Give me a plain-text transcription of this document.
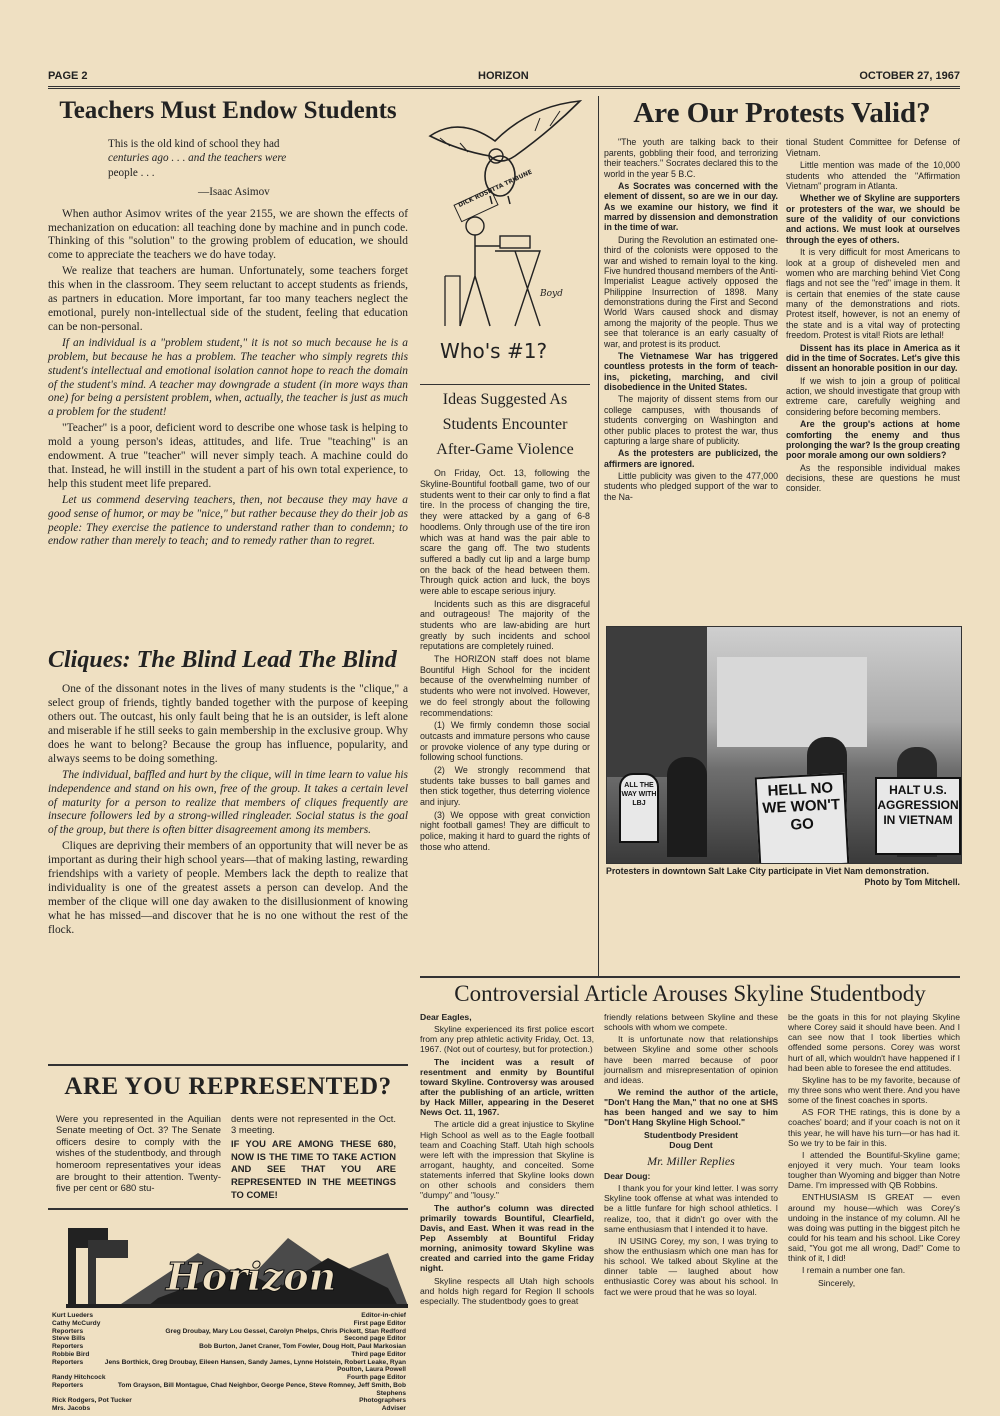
PAGE 2	HORIZON	OCTOBER 27, 1967
Teachers Must Endow Students
This is the old kind of school they had
centuries ago . . . and the teachers were
people . . .
—Isaac Asimov

When author Asimov writes of the year 2155, we are shown the effects of mechanization on education: all teaching done by machine and in punch code. Thinking of this "solution" to the growing problem of education, we should come to appreciate the teachers we do have today.

We realize that teachers are human. Unfortunately, some teachers forget this when in the classroom. They seem reluctant to accept students as friends, as partners in education. More important, far too many teachers neglect the emotional, purely non-intellectual side of the student, feeling that education can be non-personal.

If an individual is a "problem student," it is not so much because he is a problem, but because he has a problem. The teacher who simply regrets this student's intellectual and emotional isolation cannot hope to reach the domain of the student's mind. A teacher may downgrade a student (in more ways than one) for being a persistent problem, when, actually, the teacher is just as much a problem for the student!

"Teacher" is a poor, deficient word to describe one whose task is helping to mold a young person's ideas, attitudes, and life. True "teaching" is an endowment. A true "teacher" will never simply teach. A machine could do that. Instead, he will instill in the student a part of his own total experience, to help this student meet life prepared.

Let us commend deserving teachers, then, not because they may have a good sense of humor, or may be "nice," but rather because they do their job as people: They exercise the patience to understand rather than to condemn; to endow rather than merely to teach; and to remedy rather than to regret.

Cliques: The Blind Lead The Blind

One of the dissonant notes in the lives of many students is the "clique," a select group of friends, tightly banded together with the purpose of keeping others out. The outcast, his only fault being that he is an outsider, is left alone and miserable if he still seeks to gain membership in the exclusive group. Why does he want to belong? Because the group has influence, popularity, and always seems to be doing something.

The individual, baffled and hurt by the clique, will in time learn to value his independence and stand on his own, free of the group. It takes a certain level of maturity for a person to realize that members of cliques frequently are insecure followers led by a strong-willed ringleader. Social status is the goal of the group, but there is often bitter disagreement among its members.

Cliques are depriving their members of an opportunity that will never be as important as during their high school years—that of making lasting, rewarding friendships with a variety of people. Members lack the depth to realize that individuality is one of the greatest assets a person can develop. And the member of the clique will one day awaken to the disillusionment of knowing what he has missed—and discover that he is no one without the rest of the flock.

ARE YOU REPRESENTED?
Were you represented in the Aquilian Senate meeting of Oct. 3? The Senate officers desire to comply with the wishes of the studentbody, and through homeroom representatives your ideas are brought to their attention. Twenty-five per cent or 680 stu-
dents were not represented in the Oct. 3 meeting.
IF YOU ARE AMONG THESE 680, NOW IS THE TIME TO TAKE ACTION AND SEE THAT YOU ARE REPRESENTED IN THE MEETINGS TO COME!
Horizon
Kurt Lueders	Editor-in-chief
Cathy McCurdy	First page Editor
Reporters	Greg Droubay, Mary Lou Gessel, Carolyn Phelps, Chris Pickett, Stan Redford
Steve Bills	Second page Editor
Reporters	Bob Burton, Janet Craner, Tom Fowler, Doug Holt, Paul Markosian
Robbie Bird	Third page Editor
Reporters	Jens Borthick, Greg Droubay, Eileen Hansen, Sandy James, Lynne Holstein, Robert Leake, Ryan Poulton, Laura Powell
Randy Hitchcock	Fourth page Editor
Reporters	Tom Grayson, Bill Montague, Chad Neighbor, George Pence, Steve Romney, Jeff Smith, Bob Stephens
Rick Rodgers, Pot Tucker	Photographers
Mrs. Jacobs	Adviser
DICK ROSETTA TRIBUNE
Boyd
Who's #1?
Ideas Suggested As
Students Encounter
After-Game Violence

On Friday, Oct. 13, following the Skyline-Bountiful football game, two of our students went to their car only to find a flat tire. In the process of changing the tire, they were attacked by a gang of 6-8 hoodlems. Only through use of the tire iron which was at hand was the pair able to scare the gang off. The two students suffered a badly cut lip and a large bump on the back of the head between them. Through quick action and luck, the boys were able to escape serious injury.

Incidents such as this are disgraceful and outrageous! The majority of the students who are law-abiding are hurt greatly by such incidents and school reputations are completely ruined.

The HORIZON staff does not blame Bountiful High School for the incident because of the overwhelming number of students who were not involved. However, we do feel strongly about the following recommendations:

(1) We firmly condemn those social outcasts and immature persons who cause or provoke violence of any type during or following school functions.

(2) We strongly recommend that students take busses to ball games and then stick together, thus deterring violence and injury.

(3) We oppose with great conviction night football games! They are difficult to police, making it hard to guard the rights of those who attend.

Are Our Protests Valid?

"The youth are talking back to their parents, gobbling their food, and terrorizing their teachers." Socrates declared this to the world in the year 5 B.C.

As Socrates was concerned with the element of dissent, so are we in our day. As we examine our history, we find it marred by dissension and demonstration in the time of war.

During the Revolution an estimated one-third of the colonists were opposed to the war and wished to remain loyal to the king. Five hundred thousand members of the Anti-Imperialist League actively opposed the Philippine Insurrection of 1898. Many demonstrations during the First and Second World Wars caused shock and dismay among the majority of the people. Thus we see that tolerance is an early casualty of war, and protest is its product.

The Vietnamese War has triggered countless protests in the form of teach-ins, picketing, marching, and civil disobedience in the United States.

The majority of dissent stems from our college campuses, with thousands of students converging on Washington and other public places to protest the war, thus capturing a large share of publicity.

As the protesters are publicized, the affirmers are ignored.

Little publicity was given to the 477,000 students who pledged support of the war to the Na-

tional Student Committee for Defense of Vietnam.

Little mention was made of the 10,000 students who attended the "Affirmation Vietnam" program in Atlanta.

Whether we of Skyline are supporters or protesters of the war, we should be sure of the validity of our convictions and actions. We must look at ourselves through the eyes of others.

It is very difficult for most Americans to look at a group of disheveled men and women who are marching behind Viet Cong flags and not see the "red" image in them. It is certain that enemies of the state cause many of the demonstrations and riots. Protest itself, however, is not an enemy of the state and is a vital way of protecting freedom. Protest is vital! Riots are lethal!

Dissent has its place in America as it did in the time of Socrates. Let's give this dissent an honorable position in our day.

If we wish to join a group of political action, we should investigate that group with extreme care, carefully weighing and considering before becoming members.

Are the group's actions at home comforting the enemy and thus prolonging the war? Is the group creating poor morale among our own soldiers?

As the responsible individual makes decisions, these are questions he must consider.

ALL THE WAY WITH LBJ
HELL NO WE WON'T GO
HALT U.S. AGGRESSION IN VIETNAM
Protesters in downtown Salt Lake City participate in Viet Nam demonstration.
Photo by Tom Mitchell.
Controversial Article Arouses Skyline Studentbody

Dear Eagles,

Skyline experienced its first police escort from any prep athletic activity Friday, Oct. 13, 1967. (Not out of courtesy, but for protection.)

The incident was a result of resentment and enmity by Bountiful toward Skyline. Controversy was aroused after the publishing of an article, written by Hack Miller, appearing in the Deseret News Oct. 11, 1967.

The article did a great injustice to Skyline High School as well as to the Eagle football team and Coaching Staff. Utah high schools were left with the impression that Skyline is arrogant, haughty, and conceited. Some statements inferred that Skyline looks down on other schools and considers them "dumpy" and "lousy."

The author's column was directed primarily towards Bountiful, Clearfield, Davis, and East. When it was read in the Pep Assembly at Bountiful Friday morning, animosity toward Skyline was created and carried into the game Friday night.

Skyline respects all Utah high schools and holds high regard for Region II schools especially. The studentbody goes to great

friendly relations between Skyline and these schools with whom we compete.

It is unfortunate now that relationships between Skyline and some other schools have been marred because of poor journalism and misrepresentation of opinion and ideas.

We remind the author of the article, "Don't Hang the Man," that no one at SHS has been hanged and we say to him "Don't Hang Skyline High School."

Studentbody President
Doug Dent
Mr. Miller Replies

Dear Doug:

I thank you for your kind letter. I was sorry Skyline took offense at what was intended to be a little funfare for high school athletics. I realize, too, that it didn't go over with the same enthusiasm that I intended it to have.

IN USING Corey, my son, I was trying to show the enthusiasm which one man has for his school. We talked about Skyline at the dinner table — laughed about how enthusiastic Corey was about his school. In fact we were proud that he was so loyal.

be the goats in this for not playing Skyline where Corey said it should have been. And I can see now that I took liberties which offended some persons. Corey was worst hurt of all, which wouldn't have happened if I had been able to foresee the end attitudes.

Skyline has to be my favorite, because of my three sons who went there. And you have some of the finest coaches in sports.

AS FOR THE ratings, this is done by a coaches' board; and if your coach is not on it this year, he will have his turn—or has had it. So we try to be fair in this.

I attended the Bountiful-Skyline game; enjoyed it very much. Your team looks tougher than Wyoming and bigger than Notre Dame. I'm impressed with QB Robbins.

ENTHUSIASM IS GREAT — even around my house—which was Corey's undoing in the instance of my column. All he was doing was putting in the biggest pitch he could for his team and his school. Like Corey said, "You got me all wrong, Dad!" Come to think of it, I did!

I remain a number one fan.

Sincerely,
